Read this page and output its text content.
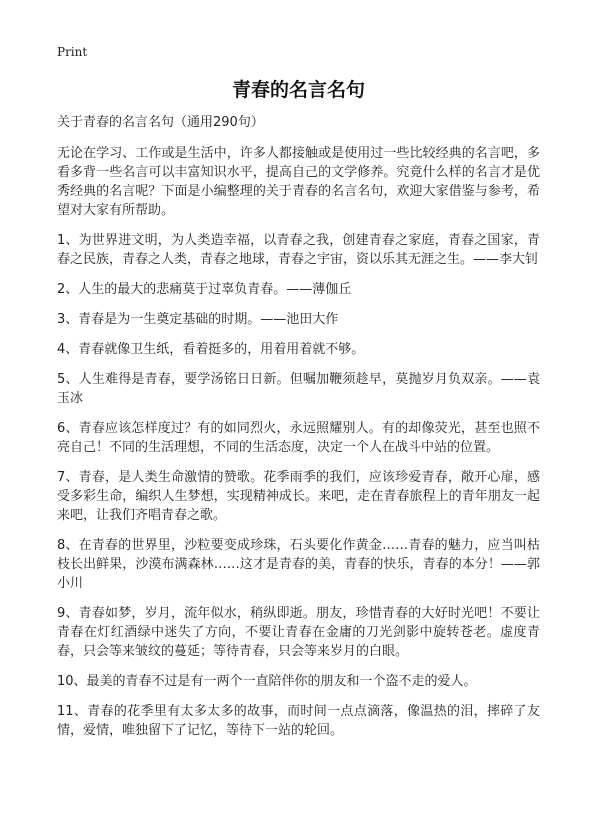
Print
青春的名言名句

关于青春的名言名句（通用290句）

无论在学习、工作或是生活中，许多人都接触或是使用过一些比较经典的名言吧，多看多背一些名言可以丰富知识水平，提高自己的文学修养。究竟什么样的名言才是优秀经典的名言呢？下面是小编整理的关于青春的名言名句，欢迎大家借鉴与参考，希望对大家有所帮助。

1、为世界进文明，为人类造幸福，以青春之我，创建青春之家庭，青春之国家，青春之民族，青春之人类，青春之地球，青春之宇宙，资以乐其无涯之生。——李大钊

2、人生的最大的悲痛莫于过辜负青春。——薄伽丘

3、青春是为一生奠定基础的时期。——池田大作

4、青春就像卫生纸，看着挺多的，用着用着就不够。

5、人生难得是青春，要学汤铭日日新。但嘱加鞭须趁早，莫抛岁月负双亲。——袁玉冰

6、青春应该怎样度过？有的如同烈火，永远照耀别人。有的却像荧光，甚至也照不亮自己！不同的生活理想，不同的生活态度，决定一个人在战斗中站的位置。

7、青春，是人类生命激情的赞歌。花季雨季的我们，应该珍爱青春，敞开心扉，感受多彩生命，编织人生梦想，实现精神成长。来吧，走在青春旅程上的青年朋友一起来吧，让我们齐唱青春之歌。

8、在青春的世界里，沙粒要变成珍珠，石头要化作黄金……青春的魅力，应当叫枯枝长出鲜果，沙漠布满森林……这才是青春的美，青春的快乐，青春的本分！——郭小川

9、青春如梦，岁月，流年似水，稍纵即逝。朋友，珍惜青春的大好时光吧！不要让青春在灯红酒绿中迷失了方向，不要让青春在金庸的刀光剑影中旋转苍老。虚度青春，只会等来皱纹的蔓延；等待青春，只会等来岁月的白眼。

10、最美的青春不过是有一两个一直陪伴你的朋友和一个盗不走的爱人。

11、青春的花季里有太多太多的故事，而时间一点点滴落，像温热的泪，摔碎了友情，爱情，唯独留下了记忆，等待下一站的轮回。
